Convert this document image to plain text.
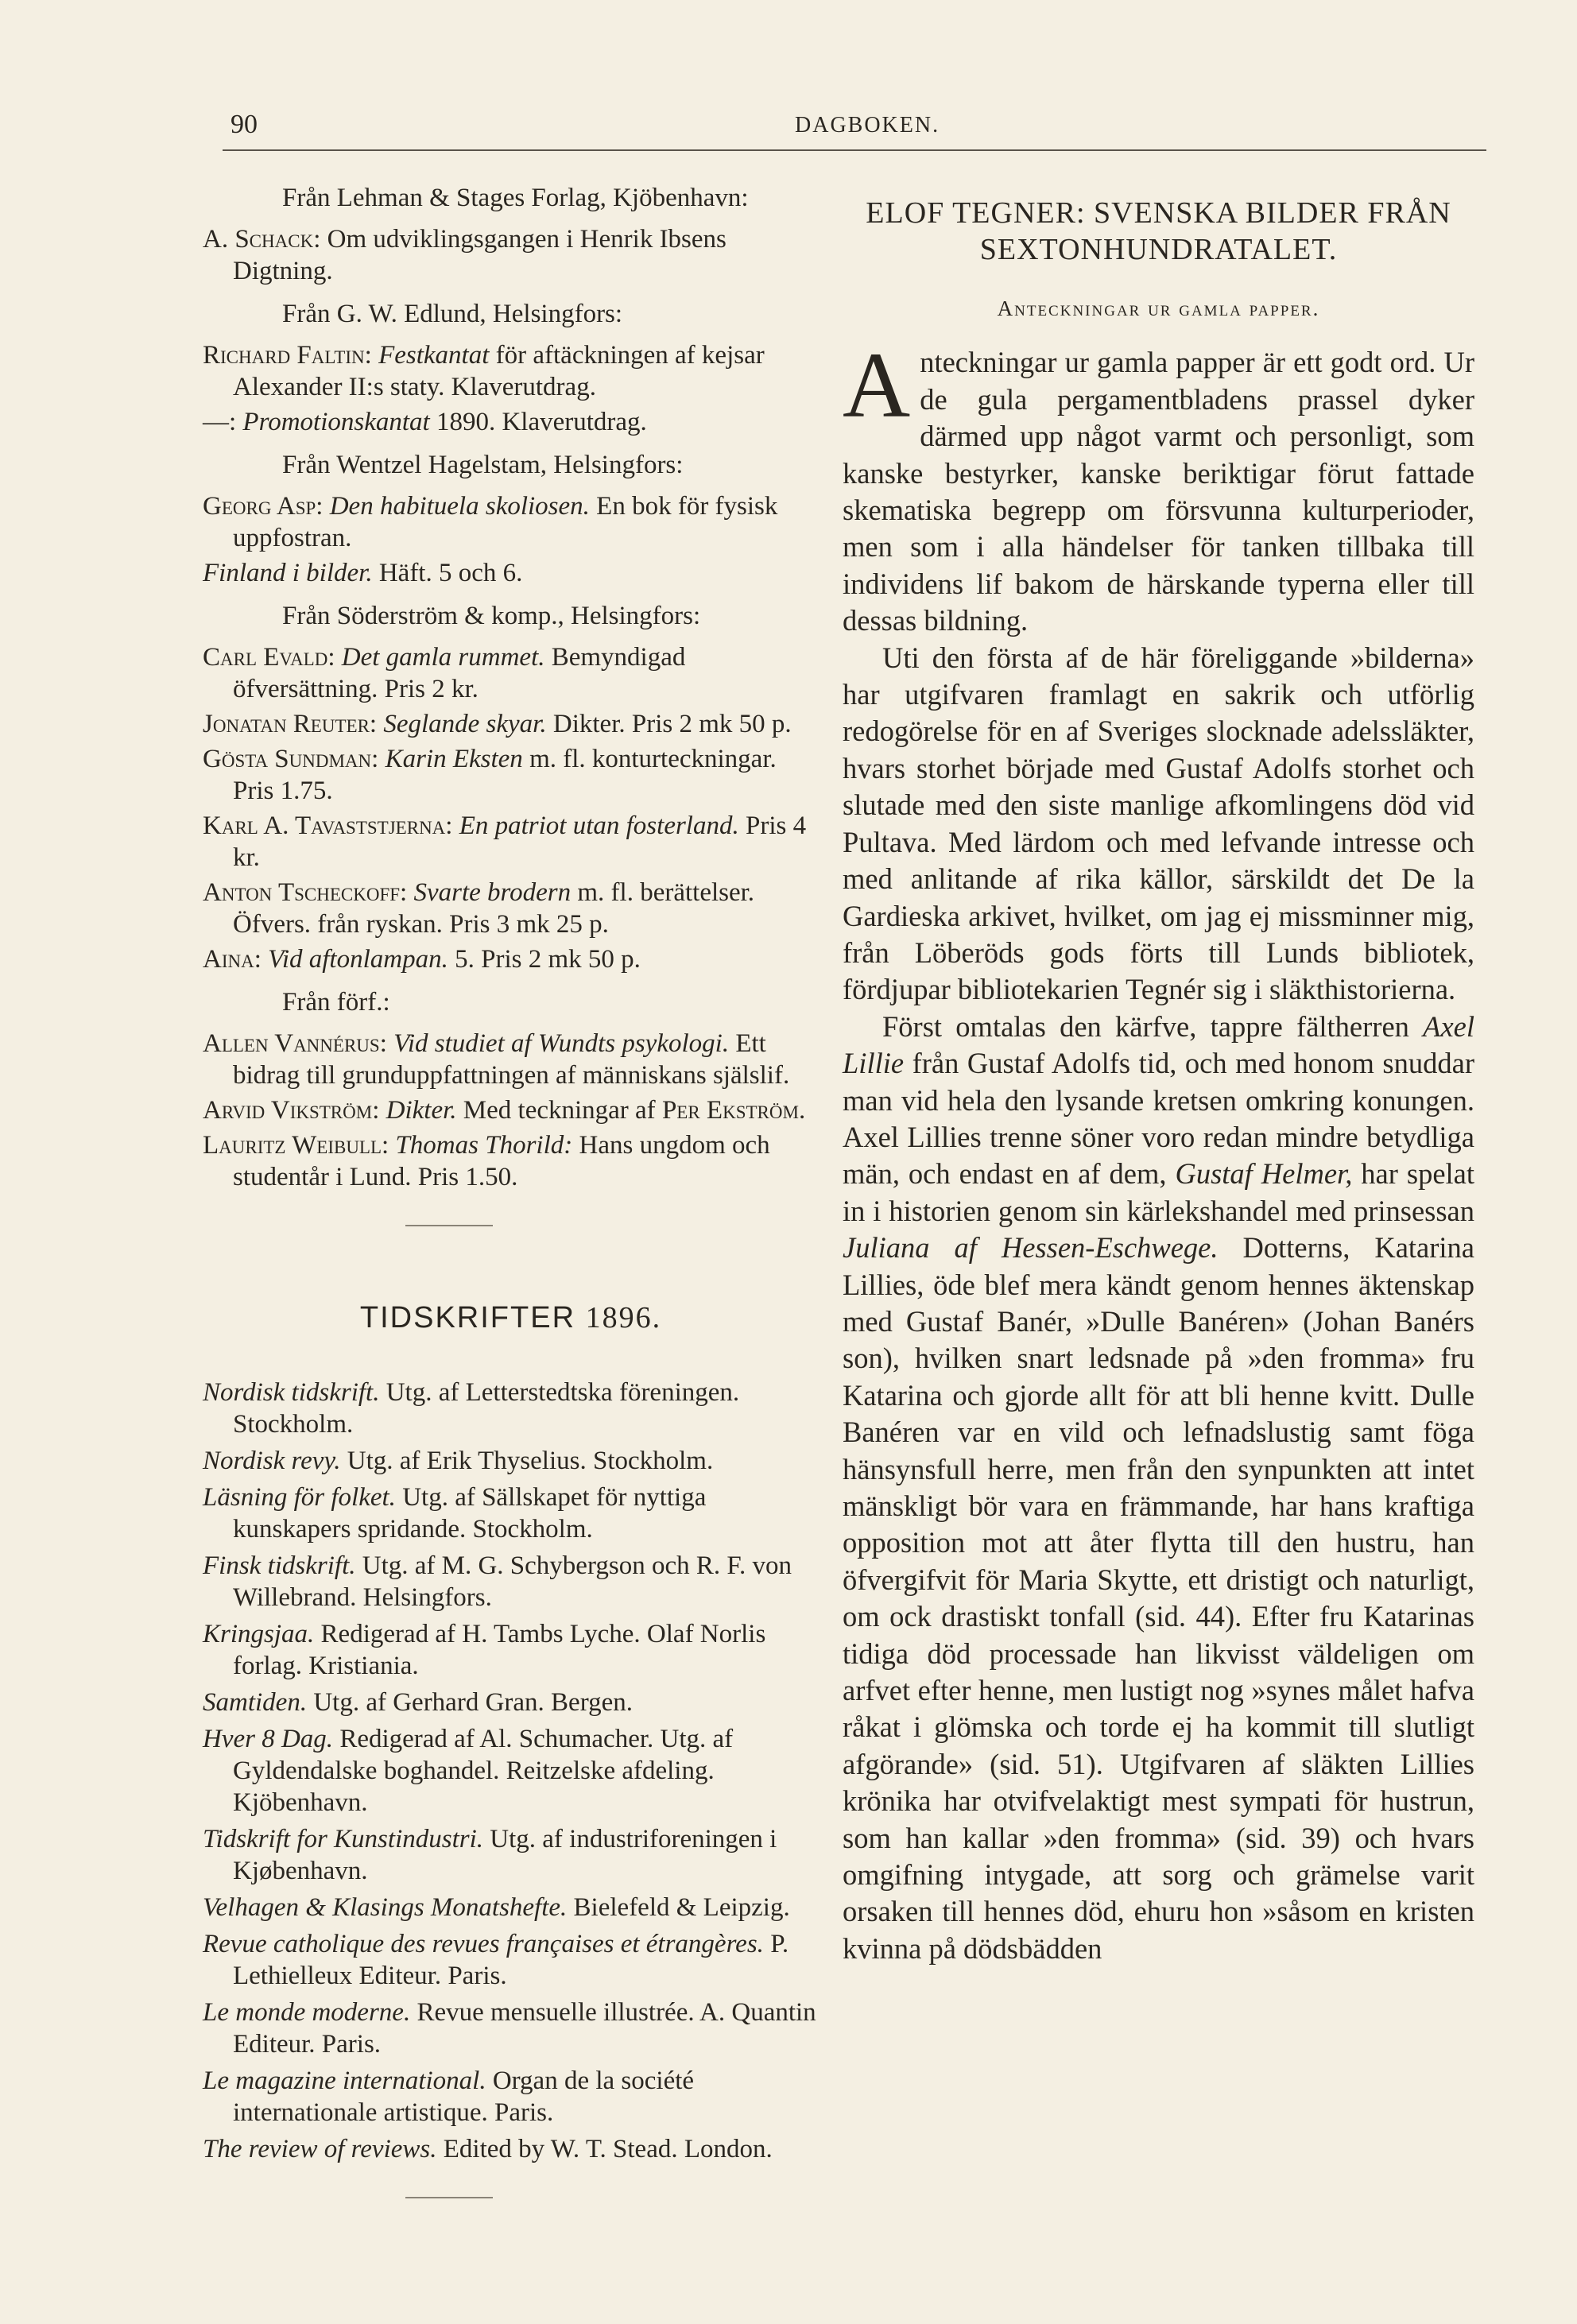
90	DAGBOKEN.

Från Lehman & Stages Forlag, Kjöbenhavn:

A. Schack: Om udviklingsgangen i Henrik Ibsens Digtning.

Från G. W. Edlund, Helsingfors:

Richard Faltin: Festkantat för aftäckningen af kejsar Alexander II:s staty. Klaverutdrag.

—: Promotionskantat 1890. Klaverutdrag.

Från Wentzel Hagelstam, Helsingfors:

Georg Asp: Den habituela skoliosen. En bok för fysisk uppfostran.

Finland i bilder. Häft. 5 och 6.

Från Söderström & komp., Helsingfors:

Carl Evald: Det gamla rummet. Bemyndigad öfversättning. Pris 2 kr.

Jonatan Reuter: Seglande skyar. Dikter. Pris 2 mk 50 p.

Gösta Sundman: Karin Eksten m. fl. konturteckningar. Pris 1.75.

Karl A. Tavaststjerna: En patriot utan fosterland. Pris 4 kr.

Anton Tscheckoff: Svarte brodern m. fl. berättelser. Öfvers. från ryskan. Pris 3 mk 25 p.

Aina: Vid aftonlampan. 5. Pris 2 mk 50 p.

Från förf.:

Allen Vannérus: Vid studiet af Wundts psykologi. Ett bidrag till grunduppfattningen af människans själslif.

Arvid Vikström: Dikter. Med teckningar af Per Ekström.

Lauritz Weibull: Thomas Thorild: Hans ungdom och studentår i Lund. Pris 1.50.

TIDSKRIFTER 1896.

Nordisk tidskrift. Utg. af Letterstedtska föreningen. Stockholm.

Nordisk revy. Utg. af Erik Thyselius. Stockholm.

Läsning för folket. Utg. af Sällskapet för nyttiga kunskapers spridande. Stockholm.

Finsk tidskrift. Utg. af M. G. Schybergson och R. F. von Willebrand. Helsingfors.

Kringsjaa. Redigerad af H. Tambs Lyche. Olaf Norlis forlag. Kristiania.

Samtiden. Utg. af Gerhard Gran. Bergen.

Hver 8 Dag. Redigerad af Al. Schumacher. Utg. af Gyldendalske boghandel. Reitzelske afdeling. Kjöbenhavn.

Tidskrift for Kunstindustri. Utg. af industriforeningen i Kjøbenhavn.

Velhagen & Klasings Monatshefte. Bielefeld & Leipzig.

Revue catholique des revues françaises et étrangères. P. Lethielleux Editeur. Paris.

Le monde moderne. Revue mensuelle illustrée. A. Quantin Editeur. Paris.

Le magazine international. Organ de la société internationale artistique. Paris.

The review of reviews. Edited by W. T. Stead. London.

ELOF TEGNER: SVENSKA BILDER FRÅN SEXTONHUNDRATALET.
Anteckningar ur gamla papper.

Anteckningar ur gamla papper är ett godt ord. Ur de gula pergamentbladens prassel dyker därmed upp något varmt och personligt, som kanske bestyrker, kanske beriktigar förut fattade skematiska begrepp om försvunna kulturperioder, men som i alla händelser för tanken tillbaka till individens lif bakom de härskande typerna eller till dessas bildning.

Uti den första af de här föreliggande »bilderna» har utgifvaren framlagt en sakrik och utförlig redogörelse för en af Sveriges slocknade adelssläkter, hvars storhet började med Gustaf Adolfs storhet och slutade med den siste manlige afkomlingens död vid Pultava. Med lärdom och med lefvande intresse och med anlitande af rika källor, särskildt det De la Gardieska arkivet, hvilket, om jag ej missminner mig, från Löberöds gods förts till Lunds bibliotek, fördjupar bibliotekarien Tegnér sig i släkthistorierna.

Först omtalas den kärfve, tappre fältherren Axel Lillie från Gustaf Adolfs tid, och med honom snuddar man vid hela den lysande kretsen omkring konungen. Axel Lillies trenne söner voro redan mindre betydliga män, och endast en af dem, Gustaf Helmer, har spelat in i historien genom sin kärlekshandel med prinsessan Juliana af Hessen-Eschwege. Dotterns, Katarina Lillies, öde blef mera kändt genom hennes äktenskap med Gustaf Banér, »Dulle Banéren» (Johan Banérs son), hvilken snart ledsnade på »den fromma» fru Katarina och gjorde allt för att bli henne kvitt. Dulle Banéren var en vild och lefnadslustig samt föga hänsynsfull herre, men från den synpunkten att intet mänskligt bör vara en främmande, har hans kraftiga opposition mot att åter flytta till den hustru, han öfvergifvit för Maria Skytte, ett dristigt och naturligt, om ock drastiskt tonfall (sid. 44). Efter fru Katarinas tidiga död processade han likvisst väldeligen om arfvet efter henne, men lustigt nog »synes målet hafva råkat i glömska och torde ej ha kommit till slutligt afgörande» (sid. 51). Utgifvaren af släkten Lillies krönika har otvifvelaktigt mest sympati för hustrun, som han kallar »den fromma» (sid. 39) och hvars omgifning intygade, att sorg och grämelse varit orsaken till hennes död, ehuru hon »såsom en kristen kvinna på dödsbädden
